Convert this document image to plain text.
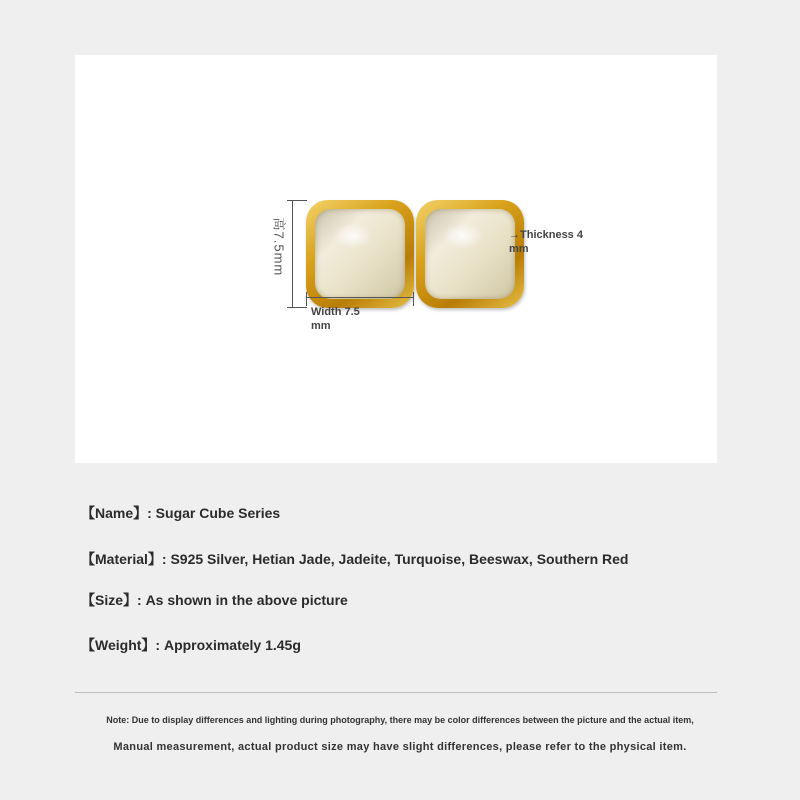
高7.5mm
Width 7.5 mm
→Thickness 4 mm
【Name】: Sugar Cube Series
【Material】: S925 Silver, Hetian Jade, Jadeite, Turquoise, Beeswax, Southern Red
【Size】: As shown in the above picture
【Weight】: Approximately 1.45g
Note: Due to display differences and lighting during photography, there may be color differences between the picture and the actual item,
Manual measurement, actual product size may have slight differences, please refer to the physical item.
